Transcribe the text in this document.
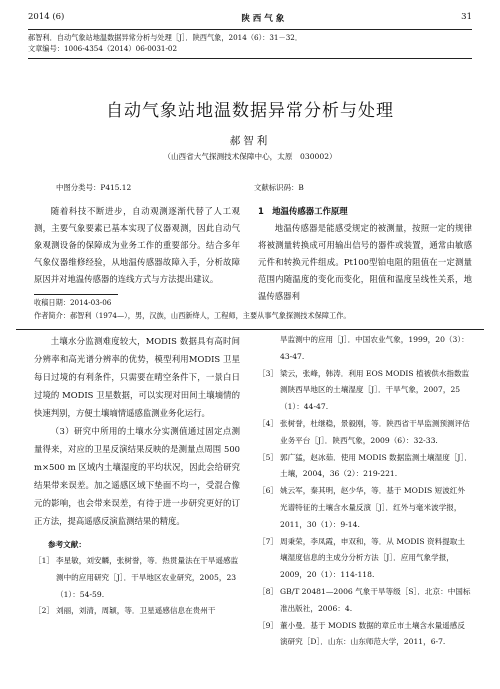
2014 (6)	陕 西 气 象	31
郝智利．自动气象站地温数据异常分析与处理［J］．陕西气象，2014（6）：31－32．
文章编号：1006-4354（2014）06-0031-02
自动气象站地温数据异常分析与处理
郝智利
（山西省大气探测技术保障中心，太原　030002）
中图分类号：P415.12	文献标识码：B
随着科技不断进步，自动观测逐渐代替了人工观测，主要气象要素已基本实现了仪器观测，因此自动气象观测设备的保障成为业务工作的重要部分。结合多年气象仪器维修经验，从地温传感器故障入手，分析故障原因并对地温传感器的连线方式与方法提出建议。
1　地温传感器工作原理
地温传感器是能感受规定的被测量，按照一定的规律将被测量转换成可用输出信号的器件或装置，通常由敏感元件和转换元件组成。Pt100型铂电阻的阻值在一定测量范围内随温度的变化而变化，阻值和温度呈线性关系，地温传感器利
收稿日期：2014-03-06
作者简介：郝智利（1974—），男，汉族，山西新绛人，工程师，主要从事气象探测技术保障工作。
土壤水分监测难度较大，MODIS 数据具有高时间分辨率和高光谱分辨率的优势，模型利用MODIS 卫星每日过境的有利条件，只需要在晴空条件下，一景白日过境的 MODIS 卫星数据，可以实现对田间土壤墒情的快速判别，方便土壤墒情遥感监测业务化运行。
（3）研究中所用的土壤水分实测值通过固定点测量得来，对应的卫星反演结果反映的是测量点周围 500 m×500 m 区域内土壤湿度的平均状况，因此会给研究结果带来误差。加之遥感区域下垫面不均一，受混合像元的影响，也会带来误差，有待于进一步研究更好的订正方法，提高遥感反演监测结果的精度。
参考文献：
［1］ 李星敏，刘安麟，张树誉，等．热贯量法在干旱遥感监测中的应用研究［J］．干旱地区农业研究，2005，23（1）：54-59.
［2］ 刘丽，刘清，周颖，等．卫星遥感信息在贵州干
旱监测中的应用［J］．中国农业气象，1999，20（3）：43-47.
［3］ 梁云，张峰，韩涛．利用 EOS MODIS 植被供水指数监测陕西旱地区的土壤湿度［J］．干旱气象，2007，25（1）：44-47.
［4］ 张树誉，杜继稳，景毅刚，等．陕西省干旱监测预测评估业务平台［J］．陕西气象，2009（6）：32-33.
［5］ 郭广猛，赵冰茹．使用 MODIS 数据监测土壤湿度［J］．土壤，2004，36（2）：219-221.
［6］ 姚云军，秦其明，赵少华，等．基于 MODIS 短波红外光谱特征的土壤含水量反演［J］．红外与毫米波学报，2011，30（1）：9-14.
［7］ 周秉荣，李凤霞，申双和，等．从 MODIS 资料提取土壤湿度信息的主成分分析方法［J］．应用气象学报，2009，20（1）：114-118.
［8］ GB/T 20481—2006 气象干旱等级［S］．北京：中国标准出版社，2006：4.
［9］ 董小曼．基于 MODIS 数据的章丘市土壤含水量遥感反演研究［D］．山东：山东师范大学，2011，6-7.
